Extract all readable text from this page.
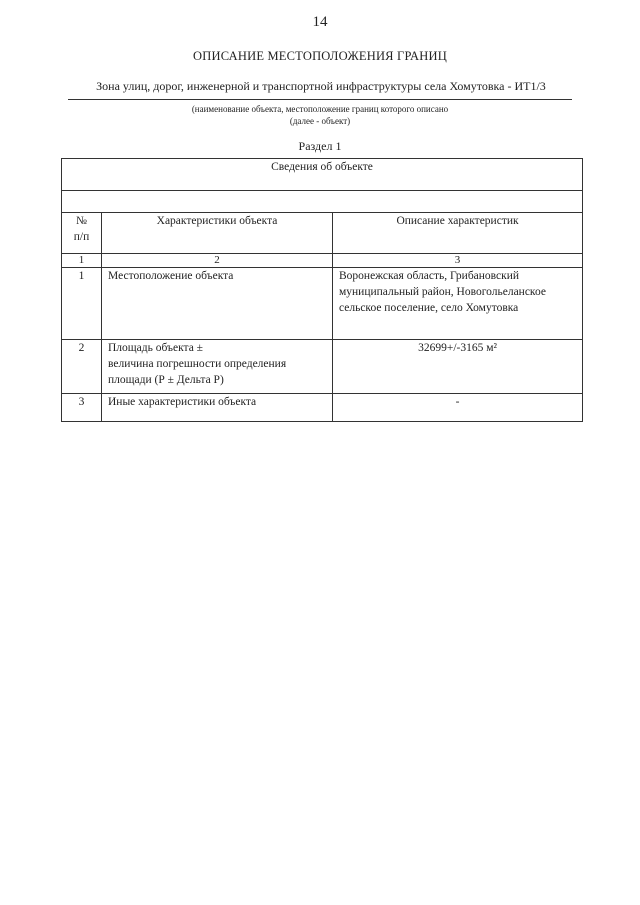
14
ОПИСАНИЕ МЕСТОПОЛОЖЕНИЯ ГРАНИЦ
Зона улиц, дорог, инженерной и транспортной инфраструктуры села Хомутовка - ИТ1/3
(наименование объекта, местоположение границ которого описано
(далее - объект)
Раздел 1
Сведения об объекте		

№
п/п	Характеристики объекта	Описание характеристик
1	2	3
1	Местоположение объекта	Воронежская область, Грибановский
муниципальный район, Новогольеланское
сельское поселение, село Хомутовка

2	Площадь объекта ±
величина погрешности определения
площади (Р ± Дельта Р)	32699+/-3165 м²

3	Иные характеристики объекта	-
